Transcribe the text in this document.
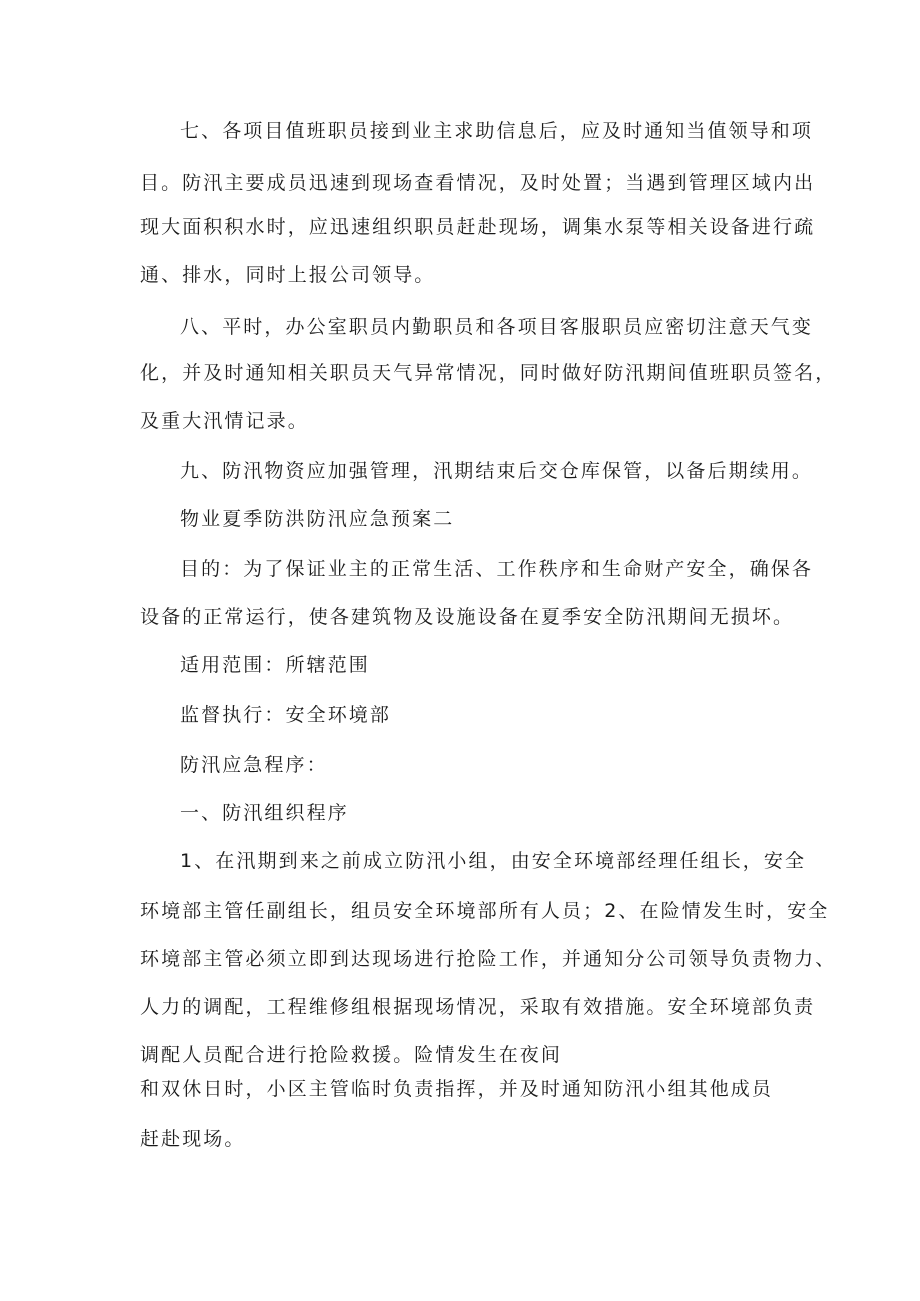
七、各项目值班职员接到业主求助信息后，应及时通知当值领导和项
目。防汛主要成员迅速到现场查看情况，及时处置；当遇到管理区域内出
现大面积积水时，应迅速组织职员赶赴现场，调集水泵等相关设备进行疏
通、排水，同时上报公司领导。
八、平时，办公室职员内勤职员和各项目客服职员应密切注意天气变
化，并及时通知相关职员天气异常情况，同时做好防汛期间值班职员签名，
及重大汛情记录。
九、防汛物资应加强管理，汛期结束后交仓库保管，以备后期续用。
物业夏季防洪防汛应急预案二
目的：为了保证业主的正常生活、工作秩序和生命财产安全，确保各
设备的正常运行，使各建筑物及设施设备在夏季安全防汛期间无损坏。
适用范围：所辖范围
监督执行：安全环境部
防汛应急程序：
一、防汛组织程序
1、在汛期到来之前成立防汛小组，由安全环境部经理任组长，安全
环境部主管任副组长，组员安全环境部所有人员；2、在险情发生时，安全
环境部主管必须立即到达现场进行抢险工作，并通知分公司领导负责物力、
人力的调配，工程维修组根据现场情况，采取有效措施。安全环境部负责
调配人员配合进行抢险救援。险情发生在夜间
和双休日时，小区主管临时负责指挥，并及时通知防汛小组其他成员
赶赴现场。
